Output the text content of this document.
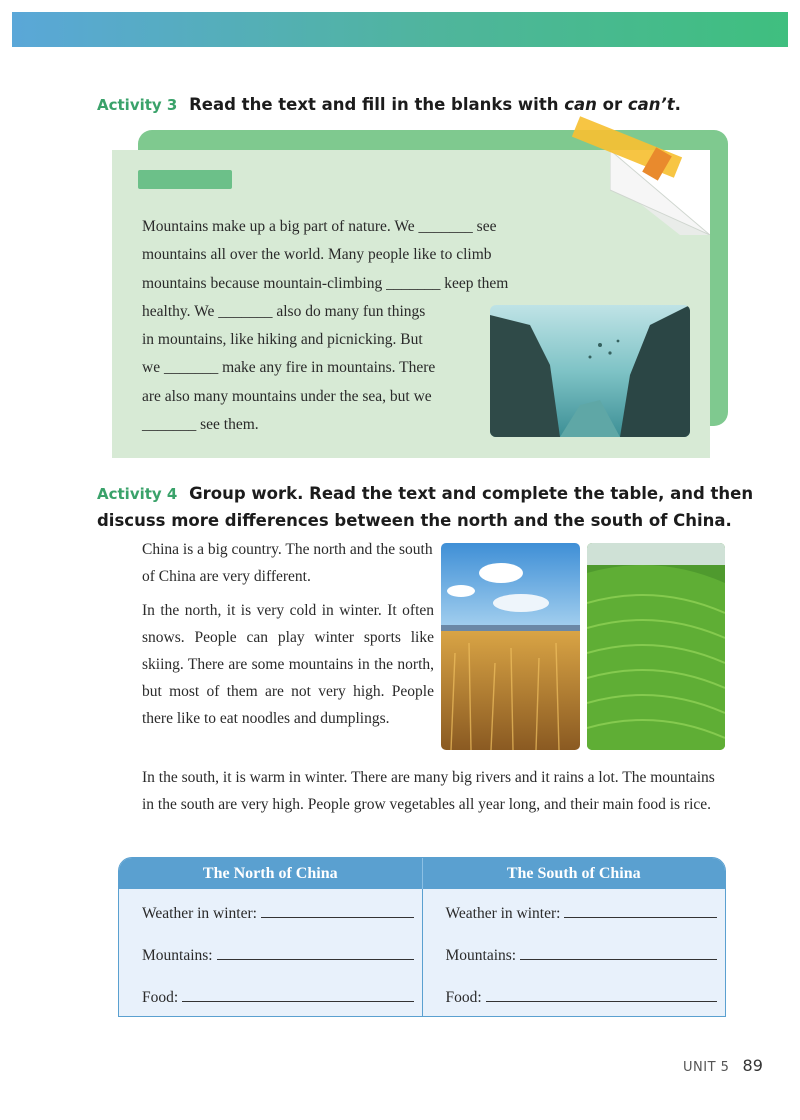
Activity 3 Read the text and fill in the blanks with can or can’t.

Mountains make up a big part of nature. We _______ see

mountains all over the world. Many people like to climb

mountains because mountain-climbing _______ keep them

healthy. We _______ also do many fun things

in mountains, like hiking and picnicking. But

we _______ make any fire in mountains. There

are also many mountains under the sea, but we

_______ see them.

Activity 4 Group work. Read the text and complete the table, and then
discuss more differences between the north and the south of China.

China is a big country. The north and the south of China are very different.

In the north, it is very cold in winter. It often snows. People can play winter sports like skiing. There are some mountains in the north, but most of them are not very high. People there like to eat noodles and dumplings.

In the south, it is warm in winter. There are many big rivers and it rains a lot. The mountains in the south are very high. People grow vegetables all year long, and their main food is rice.

The North of China	The South of China
Weather in winter:
Mountains:
Food:
Weather in winter:
Mountains:
Food:
UNIT 5 89
